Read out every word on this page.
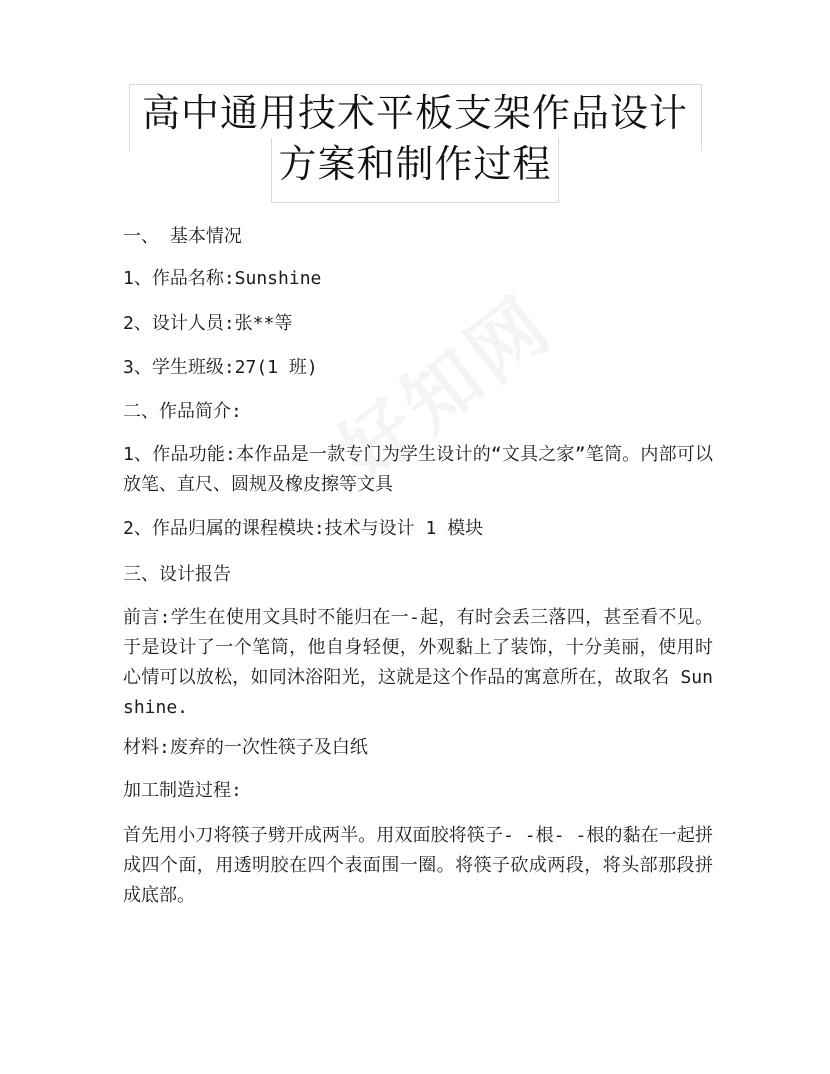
高中通用技术平板支架作品设计
方案和制作过程
一、 基本情况
1、作品名称:Sunshine
2、设计人员:张**等
3、学生班级:27(1 班)
二、作品简介:
1、作品功能:本作品是一款专门为学生设计的“文具之家”笔筒。内部可以放笔、直尺、圆规及橡皮擦等文具
2、作品归属的课程模块:技术与设计 1 模块
三、设计报告
前言:学生在使用文具时不能归在一-起，有时会丢三落四，甚至看不见。于是设计了一个笔筒，他自身轻便，外观黏上了装饰，十分美丽，使用时心情可以放松，如同沐浴阳光，这就是这个作品的寓意所在，故取名 Sunshine.
材料:废弃的一次性筷子及白纸
加工制造过程:
首先用小刀将筷子劈开成两半。用双面胶将筷子- -根- -根的黏在一起拼成四个面，用透明胶在四个表面围一圈。将筷子砍成两段，将头部那段拼成底部。
